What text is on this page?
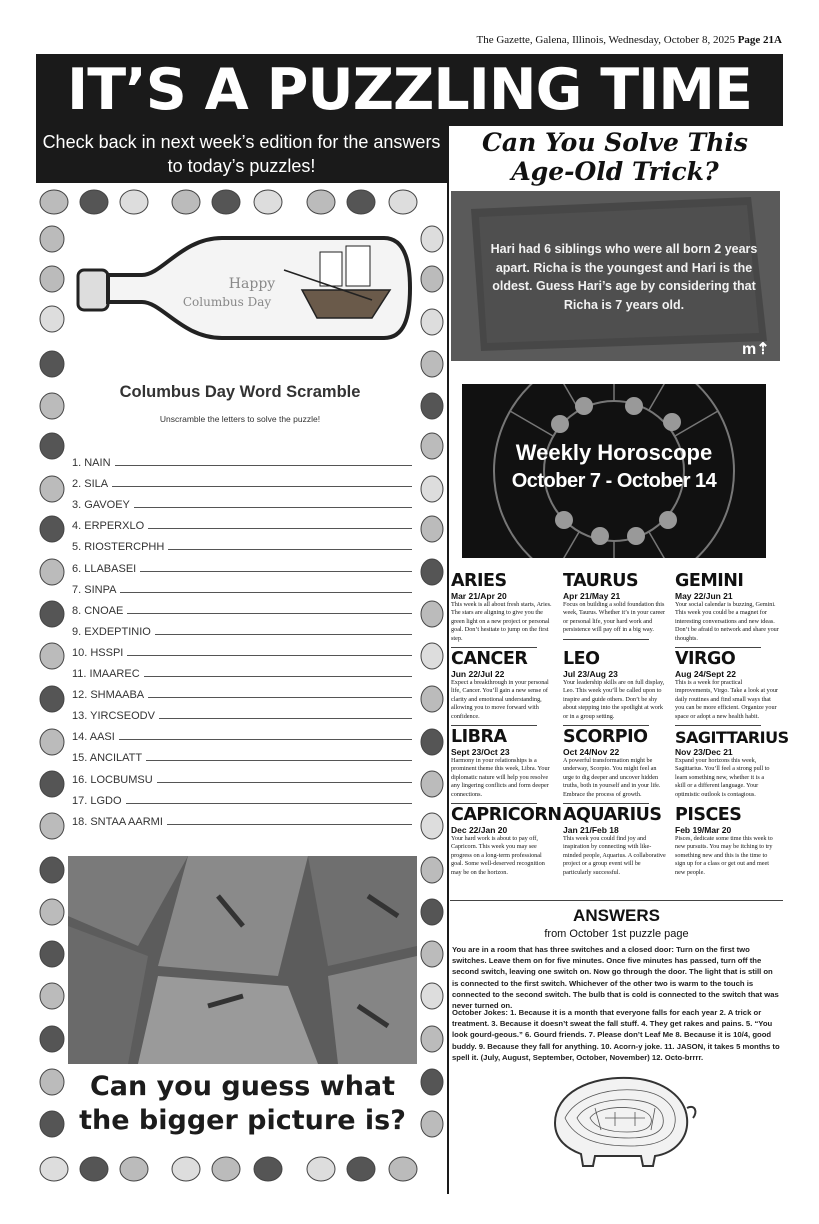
The Gazette, Galena, Illinois, Wednesday, October 8, 2025 Page 21A
IT’S A PUZZLING TIME
Check back in next week’s edition for the answers to today’s puzzles!
Can You Solve This
Age-Old Trick?
Hari had 6 siblings who were all born 2 years apart. Richa is the youngest and Hari is the oldest. Guess Hari’s age by considering that Richa is 7 years old.
m⇡
Happy
Columbus Day
Columbus Day Word Scramble
Unscramble the letters to solve the puzzle!
1. NAIN
2. SILA
3. GAVOEY
4. ERPERXLO
5. RIOSTERCPHH
6. LLABASEI
7. SINPA
8. CNOAE
9. EXDEPTINIO
10. HSSPI
11. IMAAREC
12. SHMAABA
13. YIRCSEODV
14. AASI
15. ANCILATT
16. LOCBUMSU
17. LGDO
18. SNTAA AARMI
Can you guess what
the bigger picture is?
Weekly Horoscope
October 7 - October 14
ARIES
Mar 21/Apr 20
This week is all about fresh starts, Aries. The stars are aligning to give you the green light on a new project or personal goal. Don’t hesitate to jump on the first step.
TAURUS
Apr 21/May 21
Focus on building a solid foundation this week, Taurus. Whether it’s in your career or personal life, your hard work and persistence will pay off in a big way.
GEMINI
May 22/Jun 21
Your social calendar is buzzing, Gemini. This week you could be a magnet for interesting conversations and new ideas. Don’t be afraid to network and share your thoughts.
CANCER
Jun 22/Jul 22
Expect a breakthrough in your personal life, Cancer. You’ll gain a new sense of clarity and emotional understanding, allowing you to move forward with confidence.
LEO
Jul 23/Aug 23
Your leadership skills are on full display, Leo. This week you’ll be called upon to inspire and guide others. Don’t be shy about stepping into the spotlight at work or in a group setting.
VIRGO
Aug 24/Sept 22
This is a week for practical improvements, Virgo. Take a look at your daily routines and find small ways that you can be more efficient. Organize your space or adopt a new health habit.
LIBRA
Sept 23/Oct 23
Harmony in your relationships is a prominent theme this week, Libra. Your diplomatic nature will help you resolve any lingering conflicts and form deeper connections.
SCORPIO
Oct 24/Nov 22
A powerful transformation might be underway, Scorpio. You might feel an urge to dig deeper and uncover hidden truths, both in yourself and in your life. Embrace the process of growth.
SAGITTARIUS
Nov 23/Dec 21
Expand your horizons this week, Sagittarius. You’ll feel a strong pull to learn something new, whether it is a skill or a different language. Your optimistic outlook is contagious.
CAPRICORN
Dec 22/Jan 20
Your hard work is about to pay off, Capricorn. This week you may see progress on a long-term professional goal. Some well-deserved recognition may be on the horizon.
AQUARIUS
Jan 21/Feb 18
This week you could find joy and inspiration by connecting with like-minded people, Aquarius. A collaborative project or a group event will be particularly successful.
PISCES
Feb 19/Mar 20
Pisces, dedicate some time this week to new pursuits. You may be itching to try something new and this is the time to sign up for a class or get out and meet new people.
ANSWERS
from October 1st puzzle page
You are in a room that has three switches and a closed door: Turn on the first two switches. Leave them on for five minutes. Once five minutes has passed, turn off the second switch, leaving one switch on. Now go through the door. The light that is still on is connected to the first switch. Whichever of the other two is warm to the touch is connected to the second switch. The bulb that is cold is connected to the switch that was never turned on.
October Jokes: 1. Because it is a month that everyone falls for each year 2. A trick or treatment. 3. Because it doesn’t sweat the fall stuff. 4. They get rakes and pains. 5. “You look gourd-geous.” 6. Gourd friends. 7. Please don’t Leaf Me 8. Because it is 10/4, good buddy. 9. Because they fall for anything. 10. Acorn-y joke. 11. JASON, it takes 5 months to spell it. (July, August, September, October, November) 12. Octo-brrrr.
